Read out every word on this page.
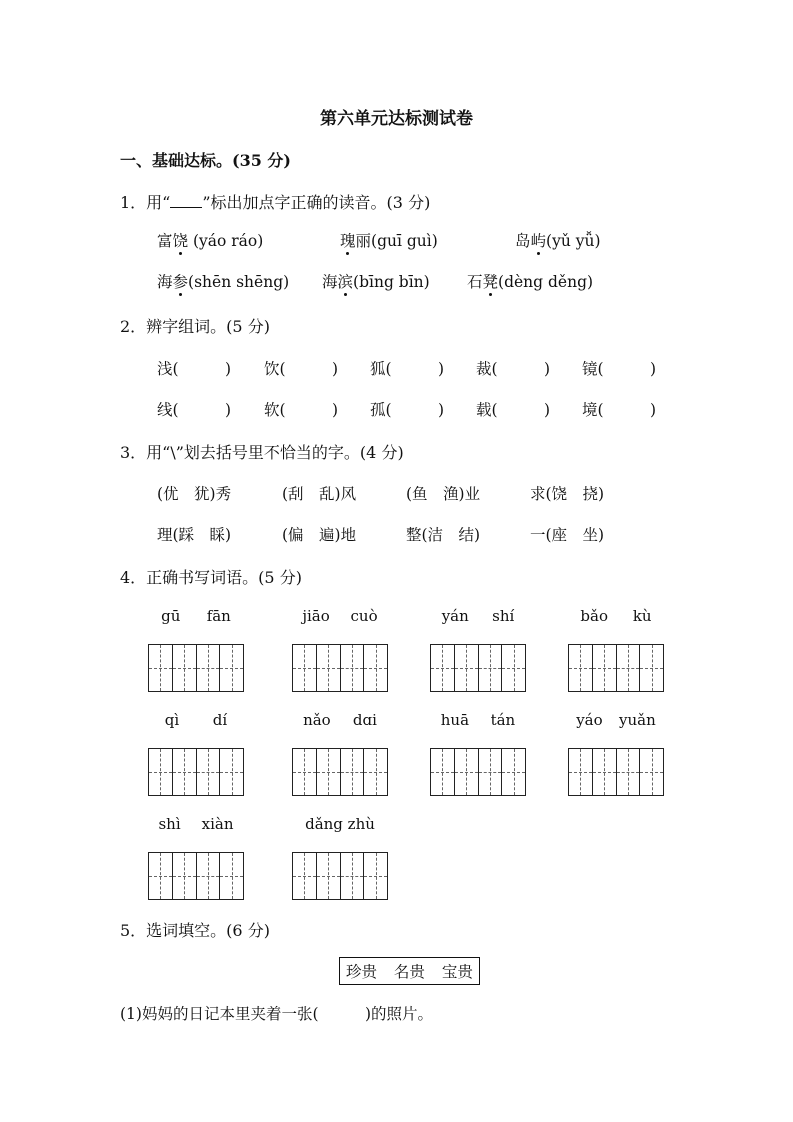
第六单元达标测试卷
一、基础达标。(35 分)
1．用“ ”标出加点字正确的读音。(3 分)
富饶 (yáo ráo)	瑰丽(guī guì)	岛屿(yǔ yǚ)
海参(shēn shēng) 海滨(bīng bīn) 石凳(dèng děng)
2．辨字组词。(5 分)
浅(　　　) 饮(　　　) 狐(　　　) 裁(　　　) 镜(　　　)
线(　　　) 软(　　　) 孤(　　　) 载(　　　) 境(　　　)
3．用“\”划去括号里不恰当的字。(4 分)
(优　犹)秀	(刮　乱)风	(鱼　渔)业	求(饶　挠)
理(踩　睬)	(偏　遍)地	整(洁　结)	一(座　坐)
4．正确书写词语。(5 分)
gū fān	jiāo cuò	yán shí	bǎo kù
qì dí	nǎo dɑi	huā tán	yáo yuǎn
shì xiàn	dǎng zhù
5．选词填空。(6 分)
珍贵 名贵 宝贵
(1)妈妈的日记本里夹着一张(　　　)的照片。
